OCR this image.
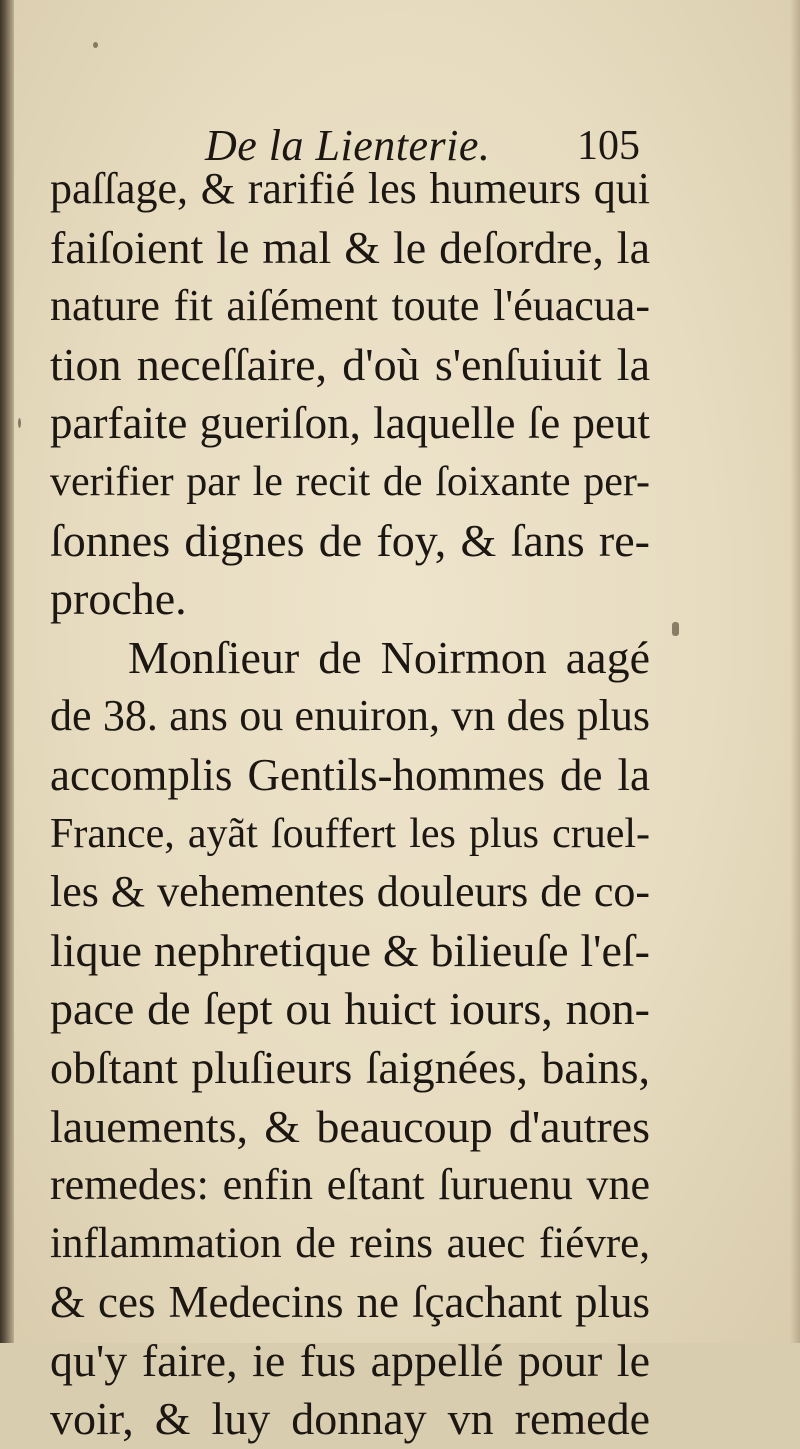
De la Lienterie. 105
paſſage, & rarifié les humeurs qui
faiſoient le mal & le deſordre, la
nature fit aiſément toute l'éuacua-
tion neceſſaire, d'où s'enſuiuit la
parfaite gueriſon, laquelle ſe peut
verifier par le recit de ſoixante per-
ſonnes dignes de foy, & ſans re-
proche.
Monſieur de Noirmon aagé
de 38. ans ou enuiron, vn des plus
accomplis Gentils-hommes de la
France, ayãt ſouffert les plus cruel-
les & vehementes douleurs de co-
lique nephretique & bilieuſe l'eſ-
pace de ſept ou huict iours, non-
obſtant pluſieurs ſaignées, bains,
lauements, & beaucoup d'autres
remedes: enfin eſtant ſuruenu vne
inflammation de reins auec fiévre,
& ces Medecins ne ſçachant plus
qu'y faire, ie fus appellé pour le
voir, & luy donnay vn remede
